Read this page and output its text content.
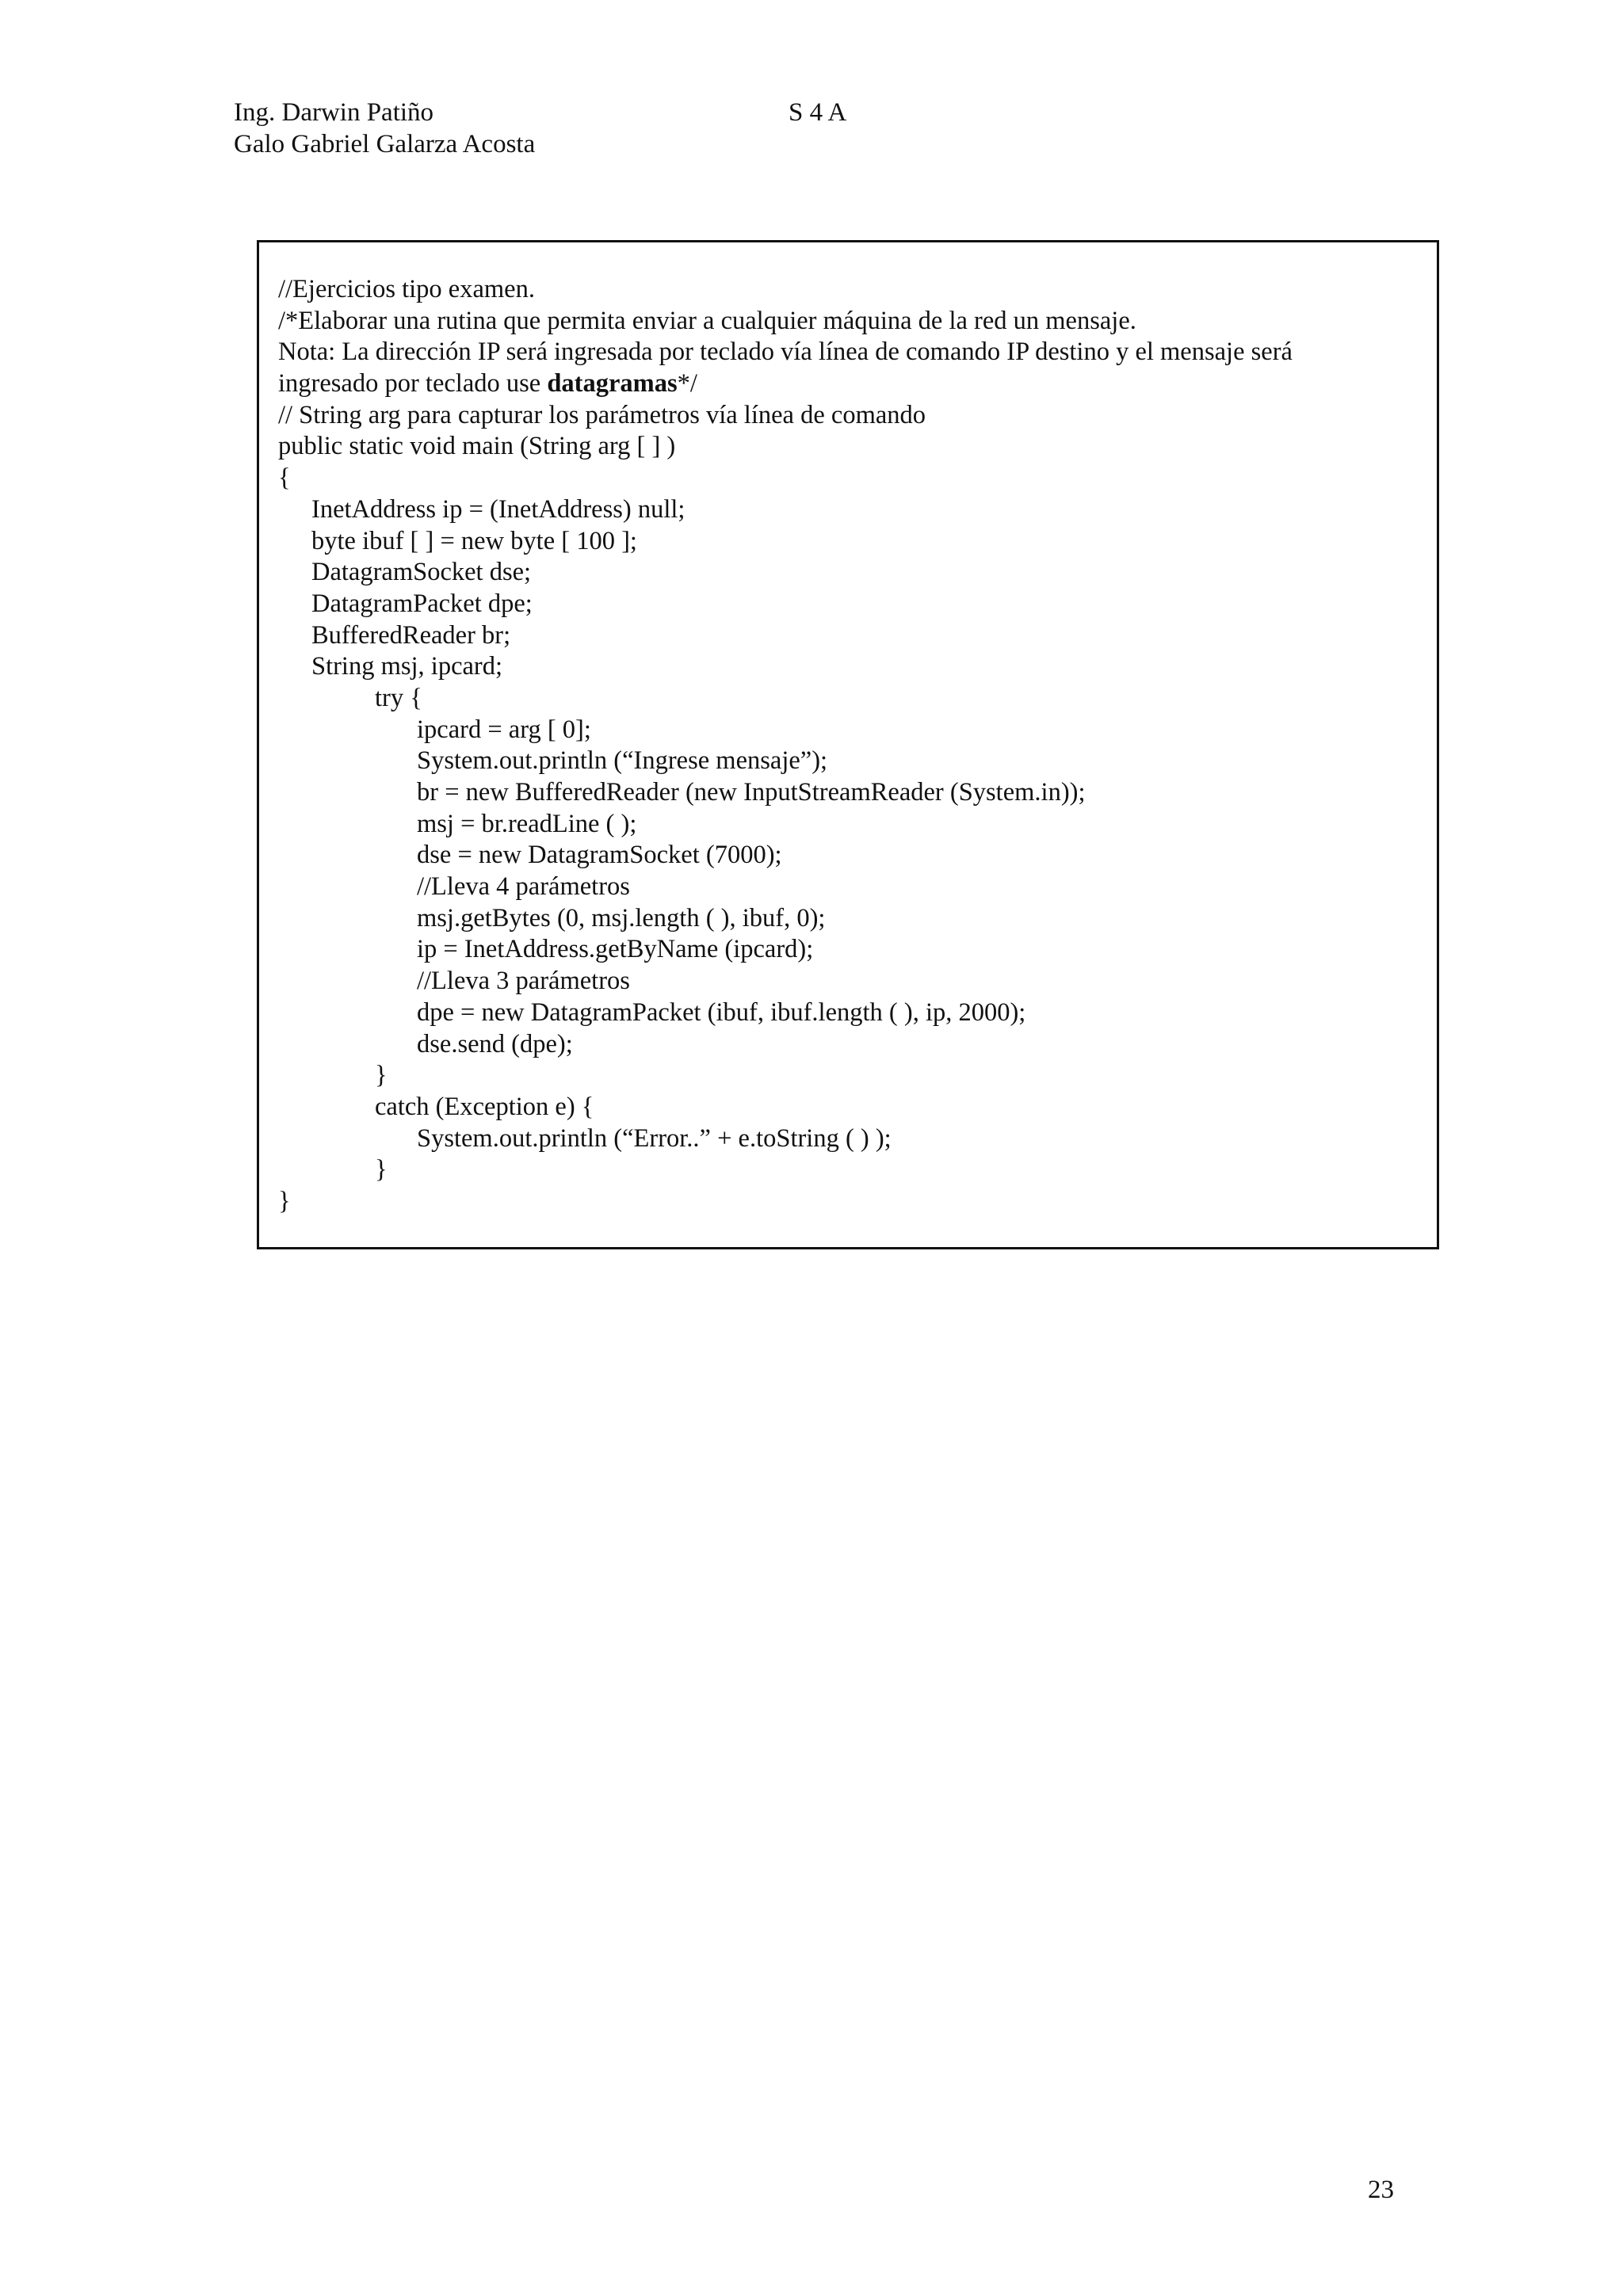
Ing. Darwin Patiño
Galo Gabriel Galarza Acosta
S 4 A
//Ejercicios tipo examen.
/*Elaborar una rutina que permita enviar a cualquier máquina de la red un mensaje.
Nota: La dirección IP será ingresada por teclado vía línea de comando IP destino y el mensaje será
ingresado por teclado use datagramas*/
// String arg para capturar los parámetros vía línea de comando
public static void main (String arg [ ] )
{
InetAddress ip = (InetAddress) null;
byte ibuf [ ] = new byte [ 100 ];
DatagramSocket dse;
DatagramPacket dpe;
BufferedReader br;
String msj, ipcard;
try {
ipcard = arg [ 0];
System.out.println (“Ingrese mensaje”);
br = new BufferedReader (new InputStreamReader (System.in));
msj = br.readLine ( );
dse = new DatagramSocket (7000);
//Lleva 4 parámetros
msj.getBytes (0, msj.length ( ), ibuf, 0);
ip = InetAddress.getByName (ipcard);
//Lleva 3 parámetros
dpe = new DatagramPacket (ibuf, ibuf.length ( ), ip, 2000);
dse.send (dpe);
}
catch (Exception e) {
System.out.println (“Error..” + e.toString ( ) );
}
}
23
